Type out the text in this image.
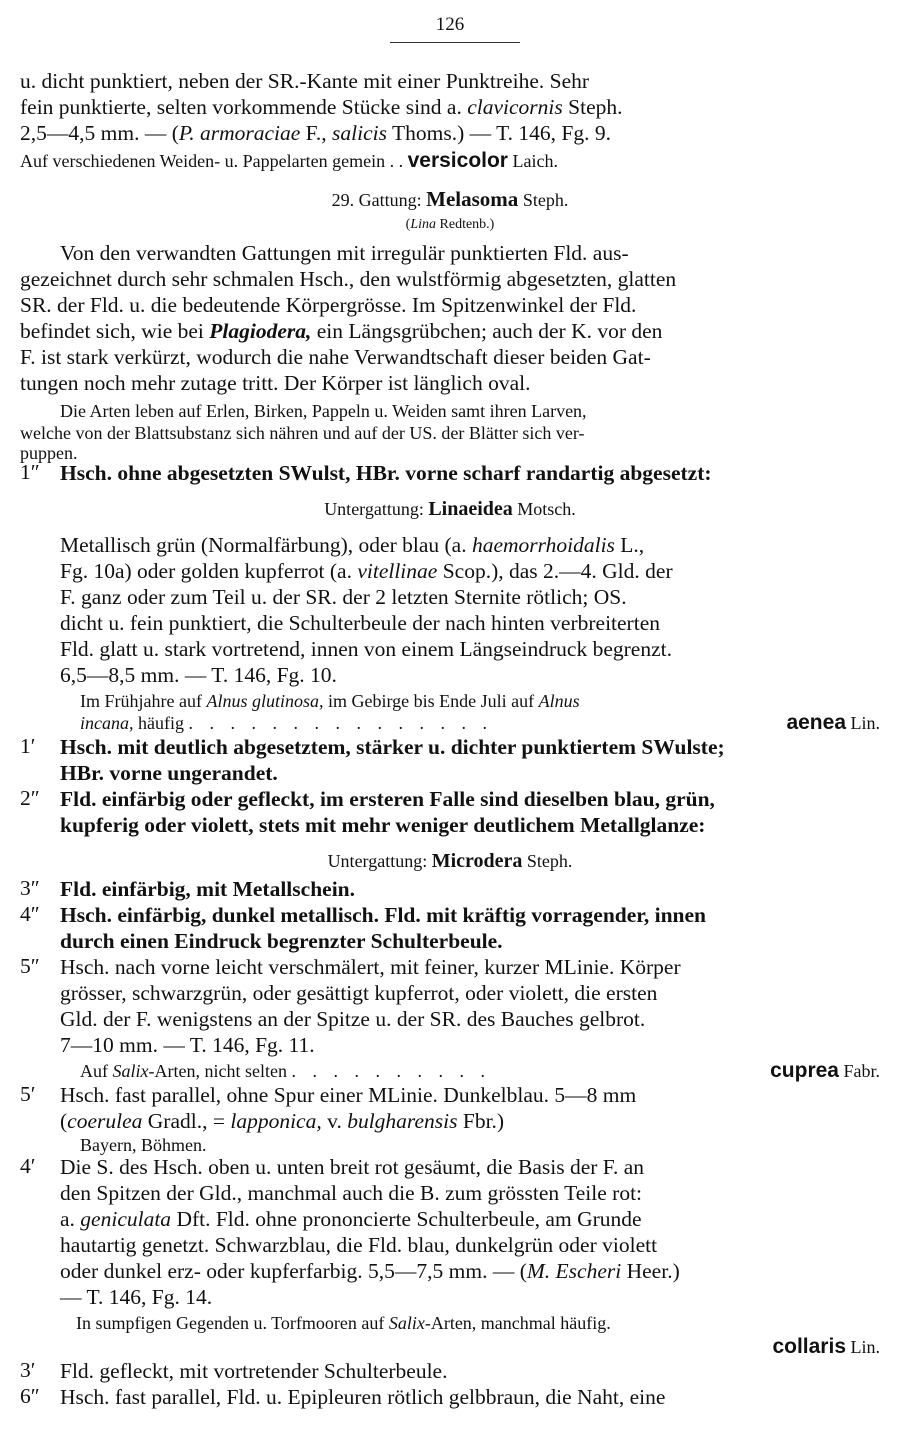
126
u. dicht punktiert, neben der SR.-Kante mit einer Punktreihe. Sehr
fein punktierte, selten vorkommende Stücke sind a. clavicornis Steph.
2,5—4,5 mm. — (P. armoraciae F., salicis Thoms.) — T. 146, Fg. 9.
Auf verschiedenen Weiden- u. Pappelarten gemein . . versicolor Laich.
29. Gattung: Melasoma Steph.
(Lina Redtenb.)
Von den verwandten Gattungen mit irregulär punktierten Fld. aus-
gezeichnet durch sehr schmalen Hsch., den wulstförmig abgesetzten, glatten
SR. der Fld. u. die bedeutende Körpergrösse. Im Spitzenwinkel der Fld.
befindet sich, wie bei Plagiodera, ein Längsgrübchen; auch der K. vor den
F. ist stark verkürzt, wodurch die nahe Verwandtschaft dieser beiden Gat-
tungen noch mehr zutage tritt. Der Körper ist länglich oval.
Die Arten leben auf Erlen, Birken, Pappeln u. Weiden samt ihren Larven,
welche von der Blattsubstanz sich nähren und auf der US. der Blätter sich ver-
puppen.
1″ Hsch. ohne abgesetzten SWulst, HBr. vorne scharf randartig abgesetzt:
Untergattung: Linaeidea Motsch.
Metallisch grün (Normalfärbung), oder blau (a. haemorrhoidalis L.,
Fg. 10a) oder golden kupferrot (a. vitellinae Scop.), das 2.—4. Gld. der
F. ganz oder zum Teil u. der SR. der 2 letzten Sternite rötlich; OS.
dicht u. fein punktiert, die Schulterbeule der nach hinten verbreiterten
Fld. glatt u. stark vortretend, innen von einem Längseindruck begrenzt.
6,5—8,5 mm. — T. 146, Fg. 10.
Im Frühjahre auf Alnus glutinosa, im Gebirge bis Ende Juli auf Alnus
incana, häufig . . . . . . . . . . . . . . .	aenea Lin.
1′ Hsch. mit deutlich abgesetztem, stärker u. dichter punktiertem SWulste;
HBr. vorne ungerandet.
2″ Fld. einfärbig oder gefleckt, im ersteren Falle sind dieselben blau, grün,
kupferig oder violett, stets mit mehr weniger deutlichem Metallglanze:
Untergattung: Microdera Steph.
3″ Fld. einfärbig, mit Metallschein.
4″ Hsch. einfärbig, dunkel metallisch. Fld. mit kräftig vorragender, innen
durch einen Eindruck begrenzter Schulterbeule.
5″ Hsch. nach vorne leicht verschmälert, mit feiner, kurzer MLinie. Körper
grösser, schwarzgrün, oder gesättigt kupferrot, oder violett, die ersten
Gld. der F. wenigstens an der Spitze u. der SR. des Bauches gelbrot.
7—10 mm. — T. 146, Fg. 11.
Auf Salix-Arten, nicht selten . . . . . . . . . .	cuprea Fabr.
5′ Hsch. fast parallel, ohne Spur einer MLinie. Dunkelblau. 5—8 mm
(coerulea Gradl., = lapponica, v. bulgharensis Fbr.)
Bayern, Böhmen.
4′ Die S. des Hsch. oben u. unten breit rot gesäumt, die Basis der F. an
den Spitzen der Gld., manchmal auch die B. zum grössten Teile rot:
a. geniculata Dft. Fld. ohne prononcierte Schulterbeule, am Grunde
hautartig genetzt. Schwarzblau, die Fld. blau, dunkelgrün oder violett
oder dunkel erz- oder kupferfarbig. 5,5—7,5 mm. — (M. Escheri Heer.)
— T. 146, Fg. 14.
In sumpfigen Gegenden u. Torfmooren auf Salix-Arten, manchmal häufig.
collaris Lin.
3′ Fld. gefleckt, mit vortretender Schulterbeule.
6″ Hsch. fast parallel, Fld. u. Epipleuren rötlich gelbbraun, die Naht, eine
